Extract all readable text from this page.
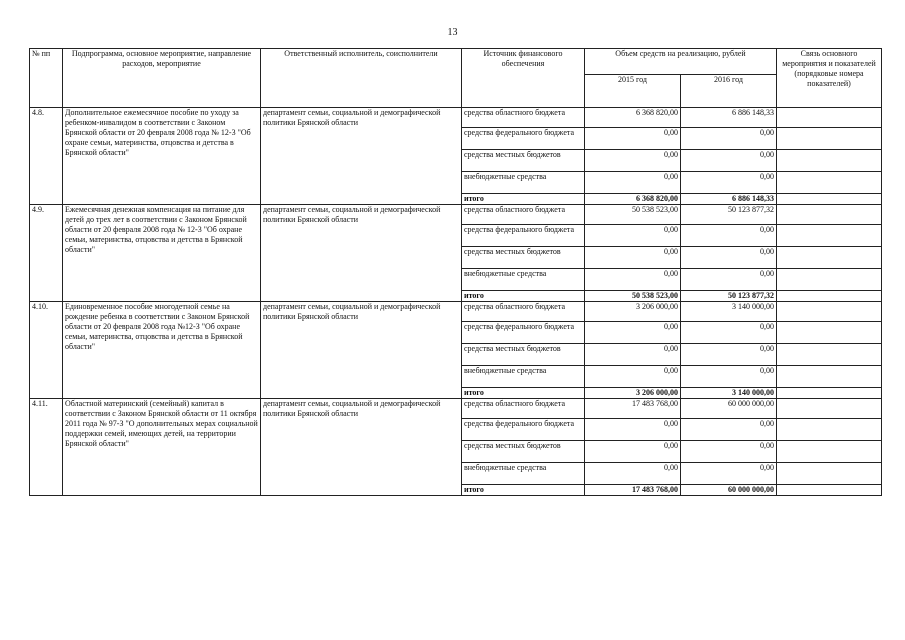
13
№ пп	Подпрограмма, основное мероприятие, направление расходов, мероприятие	Ответственный исполнитель, соисполнители	Источник финансового обеспечения	Объем средств на реализацию, рублей		Связь основного мероприятия и показателей (порядковые номера показателей)
				2015 год	2016 год	
4.8.	Дополнительное ежемесячное пособие по уходу за ребенком-инвалидом в соответствии с Законом Брянской области от 20 февраля 2008 года № 12-3 "Об охране семьи, материнства, отцовства и детства в Брянской области"	департамент семьи, социальной и демографической политики Брянской области	средства областного бюджета	6 368 820,00	6 886 148,33	
			средства федерального бюджета	0,00	0,00	
			средства местных бюджетов	0,00	0,00	
			внебюджетные средства	0,00	0,00	
			итого	6 368 820,00	6 886 148,33	
4.9.	Ежемесячная денежная компенсация на питание для детей до трех лет в соответствии с Законом Брянской области от 20 февраля 2008 года № 12-3 "Об охране семьи, материнства, отцовства и детства в Брянской области"	департамент семьи, социальной и демографической политики Брянской области	средства областного бюджета	50 538 523,00	50 123 877,32	
			средства федерального бюджета	0,00	0,00	
			средства местных бюджетов	0,00	0,00	
			внебюджетные средства	0,00	0,00	
			итого	50 538 523,00	50 123 877,32	
4.10.	Единовременное пособие многодетной семье на рождение ребенка в соответствии с Законом Брянской области от 20 февраля 2008 года №12-З "Об охране семьи, материнства, отцовства и детства в Брянской области"	департамент семьи, социальной и демографической политики Брянской области	средства областного бюджета	3 206 000,00	3 140 000,00	
			средства федерального бюджета	0,00	0,00	
			средства местных бюджетов	0,00	0,00	
			внебюджетные средства	0,00	0,00	
			итого	3 206 000,00	3 140 000,00	
4.11.	Областной материнский (семейный) капитал в соответствии с Законом Брянской области от 11 октября 2011 года № 97-З "О дополнительных мерах социальной поддержки семей, имеющих детей, на территории Брянской области"	департамент семьи, социальной и демографической политики Брянской области	средства областного бюджета	17 483 768,00	60 000 000,00	
			средства федерального бюджета	0,00	0,00	
			средства местных бюджетов	0,00	0,00	
			внебюджетные средства	0,00	0,00	
			итого	17 483 768,00	60 000 000,00	
